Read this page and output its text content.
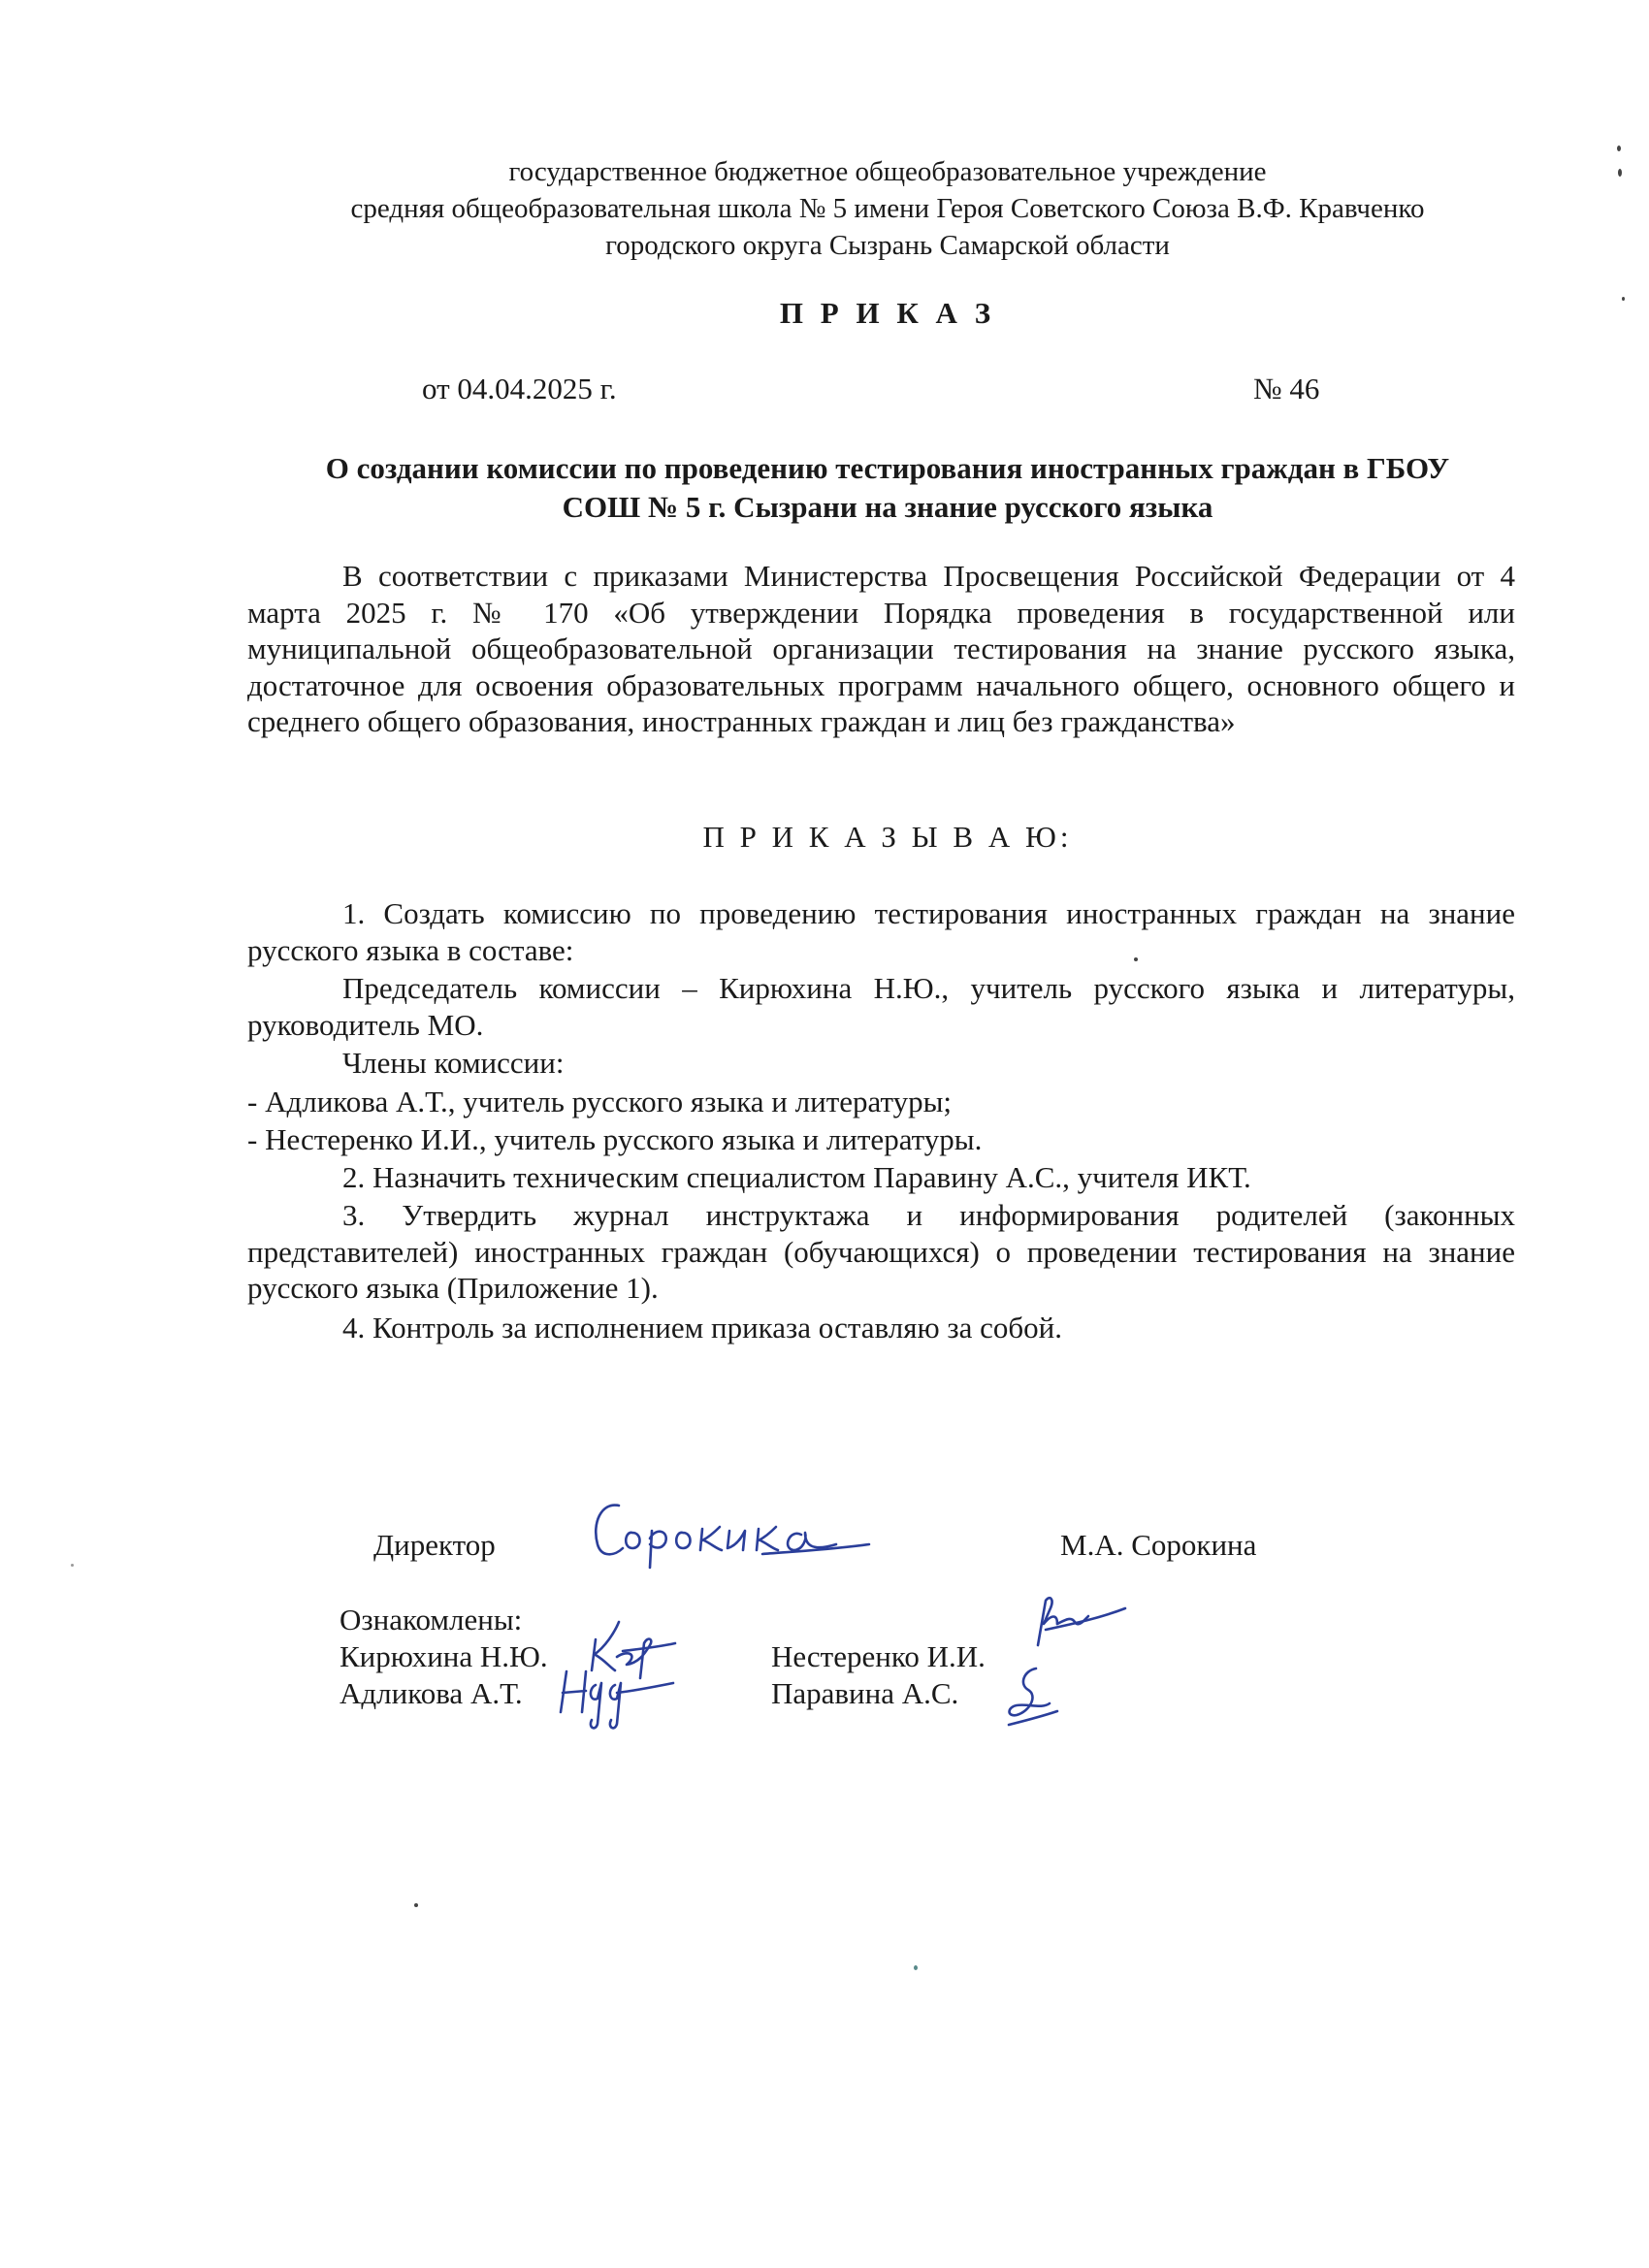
государственное бюджетное общеобразовательное учреждение
средняя общеобразовательная школа № 5 имени Героя Советского Союза В.Ф. Кравченко
городского округа Сызрань Самарской области
П Р И К А З
от 04.04.2025 г.	№ 46
О создании комиссии по проведению тестирования иностранных граждан в ГБОУ
СОШ № 5 г. Сызрани на знание русского языка
В соответствии с приказами Министерства Просвещения Российской Федерации от 4 марта 2025 г. № 170 «Об утверждении Порядка проведения в государственной или муниципальной общеобразовательной организации тестирования на знание русского языка, достаточное для освоения образовательных программ начального общего, основного общего и среднего общего образования, иностранных граждан и лиц без гражданства»
П Р И К А З Ы В А Ю:
1. Создать комиссию по проведению тестирования иностранных граждан на знание русского языка в составе:
Председатель комиссии – Кирюхина Н.Ю., учитель русского языка и литературы, руководитель МО.
Члены комиссии:
- Адликова А.Т., учитель русского языка и литературы;
- Нестеренко И.И., учитель русского языка и литературы.
2. Назначить техническим специалистом Паравину А.С., учителя ИКТ.
3. Утвердить журнал инструктажа и информирования родителей (законных представителей) иностранных граждан (обучающихся) о проведении тестирования на знание русского языка (Приложение 1).
4. Контроль за исполнением приказа оставляю за собой.
Директор	М.А. Сорокина
Ознакомлены:
Кирюхина Н.Ю.
Адликова А.Т.
Нестеренко И.И.
Паравина А.С.
